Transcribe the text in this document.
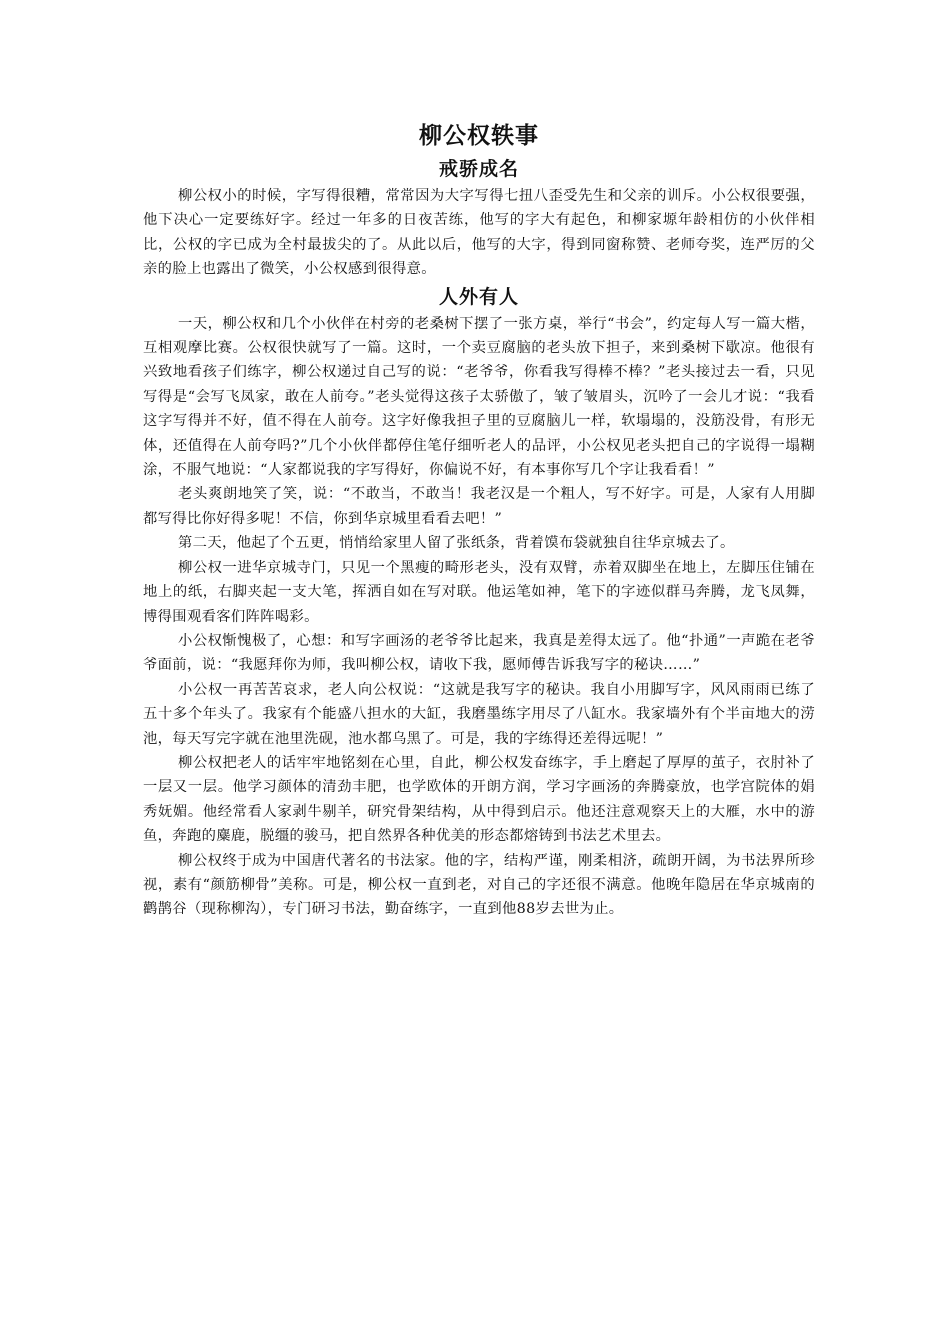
柳公权轶事
戒骄成名

柳公权小的时候，字写得很糟，常常因为大字写得七扭八歪受先生和父亲的训斥。小公权很要强，他下决心一定要练好字。经过一年多的日夜苦练，他写的字大有起色，和柳家塬年龄相仿的小伙伴相比，公权的字已成为全村最拔尖的了。从此以后，他写的大字，得到同窗称赞、老师夸奖，连严厉的父亲的脸上也露出了微笑，小公权感到很得意。

人外有人

一天，柳公权和几个小伙伴在村旁的老桑树下摆了一张方桌，举行“书会”，约定每人写一篇大楷，互相观摩比赛。公权很快就写了一篇。这时，一个卖豆腐脑的老头放下担子，来到桑树下歇凉。他很有兴致地看孩子们练字，柳公权递过自己写的说：“老爷爷，你看我写得棒不棒？”老头接过去一看，只见写得是“会写飞凤家，敢在人前夸。”老头觉得这孩子太骄傲了，皱了皱眉头，沉吟了一会儿才说：“我看这字写得并不好，值不得在人前夸。这字好像我担子里的豆腐脑儿一样，软塌塌的，没筋没骨，有形无体，还值得在人前夸吗?”几个小伙伴都停住笔仔细听老人的品评，小公权见老头把自己的字说得一塌糊涂，不服气地说：“人家都说我的字写得好，你偏说不好，有本事你写几个字让我看看！”

老头爽朗地笑了笑，说：“不敢当，不敢当！我老汉是一个粗人，写不好字。可是，人家有人用脚都写得比你好得多呢！不信，你到华京城里看看去吧！”

第二天，他起了个五更，悄悄给家里人留了张纸条，背着馍布袋就独自往华京城去了。

柳公权一进华京城寺门，只见一个黑瘦的畸形老头，没有双臂，赤着双脚坐在地上，左脚压住铺在地上的纸，右脚夹起一支大笔，挥洒自如在写对联。他运笔如神，笔下的字迹似群马奔腾，龙飞凤舞，博得围观看客们阵阵喝彩。

小公权惭愧极了，心想：和写字画汤的老爷爷比起来，我真是差得太远了。他“扑通”一声跪在老爷爷面前，说：“我愿拜你为师，我叫柳公权，请收下我，愿师傅告诉我写字的秘诀……”

小公权一再苦苦哀求，老人向公权说：“这就是我写字的秘诀。我自小用脚写字，风风雨雨已练了五十多个年头了。我家有个能盛八担水的大缸，我磨墨练字用尽了八缸水。我家墙外有个半亩地大的涝池，每天写完字就在池里洗砚，池水都乌黑了。可是，我的字练得还差得远呢！”

柳公权把老人的话牢牢地铭刻在心里，自此，柳公权发奋练字，手上磨起了厚厚的茧子，衣肘补了一层又一层。他学习颜体的清劲丰肥，也学欧体的开朗方润，学习字画汤的奔腾豪放，也学宫院体的娟秀妩媚。他经常看人家剥牛剔羊，研究骨架结构，从中得到启示。他还注意观察天上的大雁，水中的游鱼，奔跑的麋鹿，脱缰的骏马，把自然界各种优美的形态都熔铸到书法艺术里去。

柳公权终于成为中国唐代著名的书法家。他的字，结构严谨，刚柔相济，疏朗开阔，为书法界所珍视，素有“颜筋柳骨”美称。可是，柳公权一直到老，对自己的字还很不满意。他晚年隐居在华京城南的鹳鹊谷（现称柳沟），专门研习书法，勤奋练字，一直到他88岁去世为止。
